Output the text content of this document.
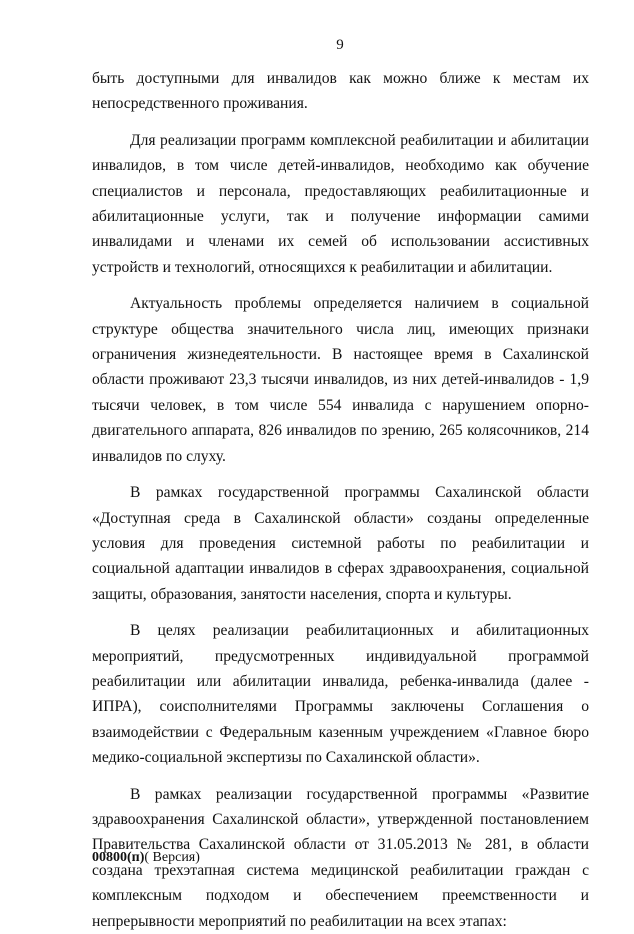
9

быть доступными для инвалидов как можно ближе к местам их непосредственного проживания.

Для реализации программ комплексной реабилитации и абилитации инвалидов, в том числе детей-инвалидов, необходимо как обучение специалистов и персонала, предоставляющих реабилитационные и абилитационные услуги, так и получение информации самими инвалидами и членами их семей об использовании ассистивных устройств и технологий, относящихся к реабилитации и абилитации.

Актуальность проблемы определяется наличием в социальной структуре общества значительного числа лиц, имеющих признаки ограничения жизнедеятельности. В настоящее время в Сахалинской области проживают 23,3 тысячи инвалидов, из них детей-инвалидов - 1,9 тысячи человек, в том числе 554 инвалида с нарушением опорно-двигательного аппарата, 826 инвалидов по зрению, 265 колясочников, 214 инвалидов по слуху.

В рамках государственной программы Сахалинской области «Доступная среда в Сахалинской области» созданы определенные условия для проведения системной работы по реабилитации и социальной адаптации инвалидов в сферах здравоохранения, социальной защиты, образования, занятости населения, спорта и культуры.

В целях реализации реабилитационных и абилитационных мероприятий, предусмотренных индивидуальной программой реабилитации или абилитации инвалида, ребенка-инвалида (далее - ИПРА), соисполнителями Программы заключены Соглашения о взаимодействии с Федеральным казенным учреждением «Главное бюро медико-социальной экспертизы по Сахалинской области».

В рамках реализации государственной программы «Развитие здравоохранения Сахалинской области», утвержденной постановлением Правительства Сахалинской области от 31.05.2013 № 281, в области создана трехэтапная система медицинской реабилитации граждан с комплексным подходом и обеспечением преемственности и непрерывности мероприятий по реабилитации на всех этапах:

00800(п)( Версия)
